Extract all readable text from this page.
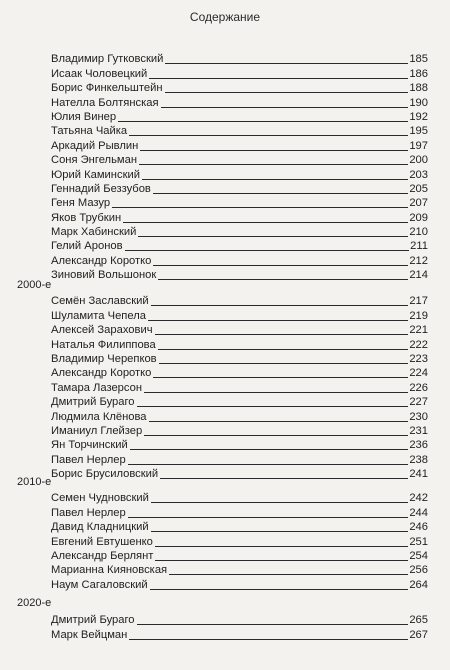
Содержание
Владимир Гутковский	185
Исаак Чоловецкий	186
Борис Финкельштейн	188
Нателла Болтянская	190
Юлия Винер	192
Татьяна Чайка	195
Аркадий Рывлин	197
Соня Энгельман	200
Юрий Каминский	203
Геннадий Беззубов	205
Геня Мазур	207
Яков Трубкин	209
Марк Хабинский	210
Гелий Аронов	211
Александр Коротко	212
Зиновий Вольшонок	214
2000-е
Семён Заславский	217
Шуламита Чепела	219
Алексей Зарахович	221
Наталья Филиппова	222
Владимир Черепков	223
Александр Коротко	224
Тамара Лазерсон	226
Дмитрий Бураго	227
Людмила Клёнова	230
Иманиул Глейзер	231
Ян Торчинский	236
Павел Нерлер	238
Борис Брусиловский	241
2010-е
Семен Чудновский	242
Павел Нерлер	244
Давид Кладницкий	246
Евгений Евтушенко	251
Александр Берлянт	254
Марианна Кияновская	256
Наум Сагаловский	264
2020-е
Дмитрий Бураго	265
Марк Вейцман	267
